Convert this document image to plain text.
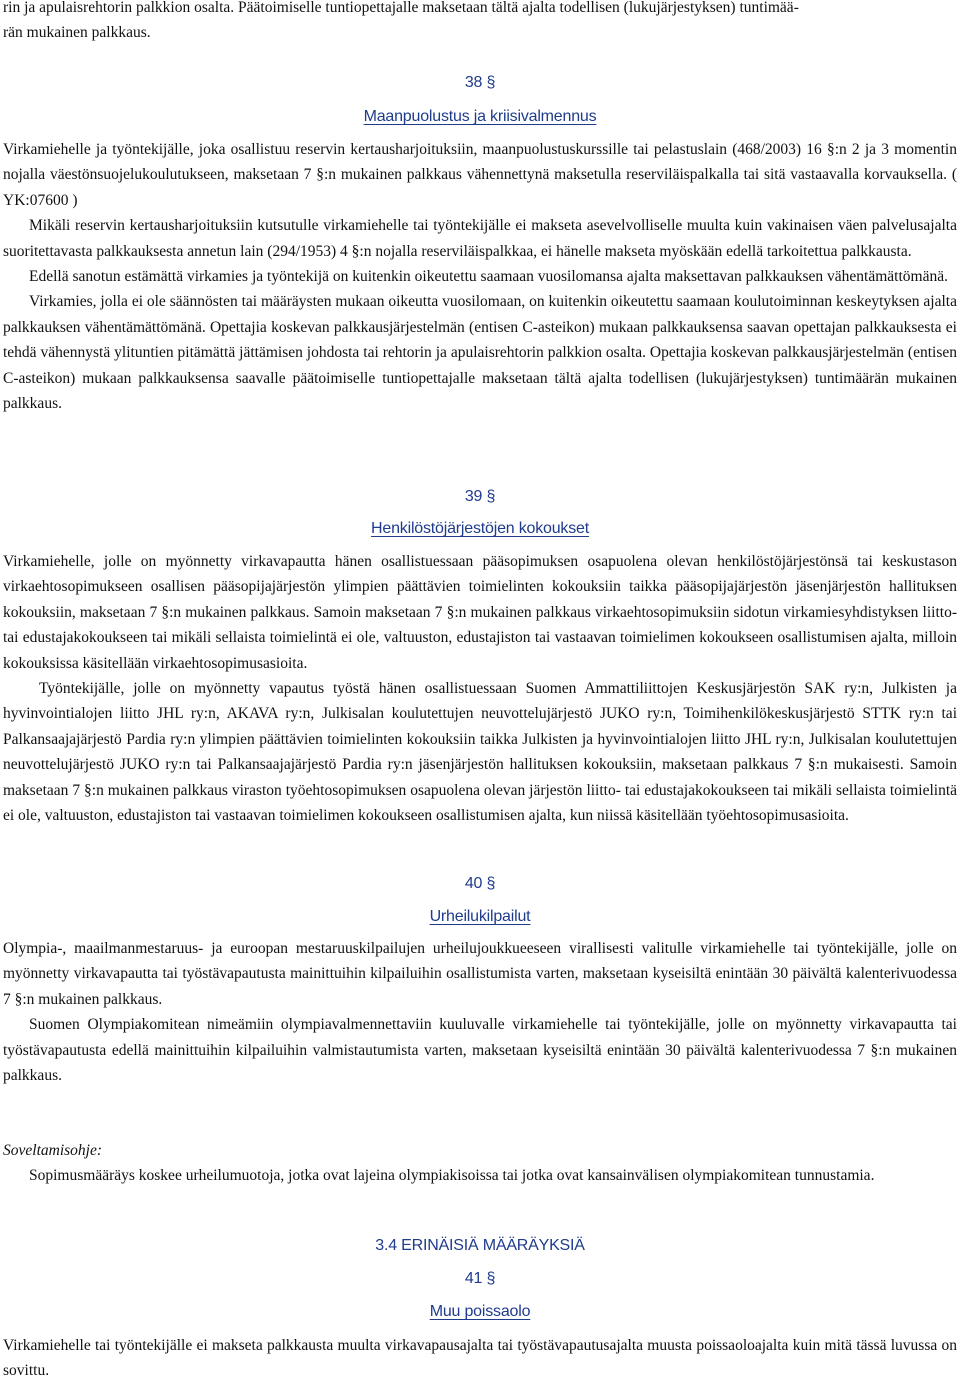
rin ja apulaisrehtorin palkkion osalta. Päätoimiselle tuntiopettajalle maksetaan tältä ajalta todellisen (lukujärjestyksen) tuntimää-
rän mukainen palkkaus.
38 §
Maanpuolustus ja kriisivalmennus

Virkamiehelle ja työntekijälle, joka osallistuu reservin kertausharjoituksiin, maanpuolustuskurssille tai pelastuslain (468/2003) 16 §:n 2 ja 3 momentin nojalla väestönsuojelukoulutukseen, maksetaan 7 §:n mukainen palkkaus vähennettynä maksetulla reserviläispalkalla tai sitä vastaavalla korvauksella. ( YK:07600 )

Mikäli reservin kertausharjoituksiin kutsutulle virkamiehelle tai työntekijälle ei makseta asevelvolliselle muulta kuin vakinaisen väen palvelusajalta suoritettavasta palkkauksesta annetun lain (294/1953) 4 §:n nojalla reserviläispalkkaa, ei hänelle makseta myöskään edellä tarkoitettua palkkausta.

Edellä sanotun estämättä virkamies ja työntekijä on kuitenkin oikeutettu saamaan vuosilomansa ajalta maksettavan palkkauksen vähentämättömänä.

Virkamies, jolla ei ole säännösten tai määräysten mukaan oikeutta vuosilomaan, on kuitenkin oikeutettu saamaan koulutoiminnan keskeytyksen ajalta palkkauksen vähentämättömänä. Opettajia koskevan palkkausjärjestelmän (entisen C-asteikon) mukaan palkkauksensa saavan opettajan palkkauksesta ei tehdä vähennystä ylituntien pitämättä jättämisen johdosta tai rehtorin ja apulaisrehtorin palkkion osalta. Opettajia koskevan palkkausjärjestelmän (entisen C-asteikon) mukaan palkkauksensa saavalle päätoimiselle tuntiopettajalle maksetaan tältä ajalta todellisen (lukujärjestyksen) tuntimäärän mukainen palkkaus.

39 §
Henkilöstöjärjestöjen kokoukset

Virkamiehelle, jolle on myönnetty virkavapautta hänen osallistuessaan pääsopimuksen osapuolena olevan henkilöstöjärjestönsä tai keskustason virkaehtosopimukseen osallisen pääsopijajärjestön ylimpien päättävien toimielinten kokouksiin taikka pääsopijajärjestön jäsenjärjestön hallituksen kokouksiin, maksetaan 7 §:n mukainen palkkaus. Samoin maksetaan 7 §:n mukainen palkkaus virkaehtosopimuksiin sidotun virkamiesyhdistyksen liitto- tai edustajakokoukseen tai mikäli sellaista toimielintä ei ole, valtuuston, edustajiston tai vastaavan toimielimen kokoukseen osallistumisen ajalta, milloin kokouksissa käsitellään virkaehtosopimusasioita.

Työntekijälle, jolle on myönnetty vapautus työstä hänen osallistuessaan Suomen Ammattiliittojen Keskusjärjestön SAK ry:n, Julkisten ja hyvinvointialojen liitto JHL ry:n, AKAVA ry:n, Julkisalan koulutettujen neuvottelujärjestö JUKO ry:n, Toimihenkilökeskusjärjestö STTK ry:n tai Palkansaajajärjestö Pardia ry:n ylimpien päättävien toimielinten kokouksiin taikka Julkisten ja hyvinvointialojen liitto JHL ry:n, Julkisalan koulutettujen neuvottelujärjestö JUKO ry:n tai Palkansaajajärjestö Pardia ry:n jäsenjärjestön hallituksen kokouksiin, maksetaan palkkaus 7 §:n mukaisesti. Samoin maksetaan 7 §:n mukainen palkkaus viraston työehtosopimuksen osapuolena olevan järjestön liitto- tai edustajakokoukseen tai mikäli sellaista toimielintä ei ole, valtuuston, edustajiston tai vastaavan toimielimen kokoukseen osallistumisen ajalta, kun niissä käsitellään työehtosopimusasioita.

40 §
Urheilukilpailut

Olympia-, maailmanmestaruus- ja euroopan mestaruuskilpailujen urheilujoukkueeseen virallisesti valitulle virkamiehelle tai työntekijälle, jolle on myönnetty virkavapautta tai työstävapautusta mainittuihin kilpailuihin osallistumista varten, maksetaan kyseisiltä enintään 30 päivältä kalenterivuodessa 7 §:n mukainen palkkaus.

Suomen Olympiakomitean nimeämiin olympiavalmennettaviin kuuluvalle virkamiehelle tai työntekijälle, jolle on myönnetty virkavapautta tai työstävapautusta edellä mainittuihin kilpailuihin valmistautumista varten, maksetaan kyseisiltä enintään 30 päivältä kalenterivuodessa 7 §:n mukainen palkkaus.

Soveltamisohje:

Sopimusmääräys koskee urheilumuotoja, jotka ovat lajeina olympiakisoissa tai jotka ovat kansainvälisen olympiakomitean tunnustamia.

3.4 ERINÄISIÄ MÄÄRÄYKSIÄ
41 §
Muu poissaolo

Virkamiehelle tai työntekijälle ei makseta palkkausta muulta virkavapausajalta tai työstävapautusajalta muusta poissaoloajalta kuin mitä tässä luvussa on sovittu.
